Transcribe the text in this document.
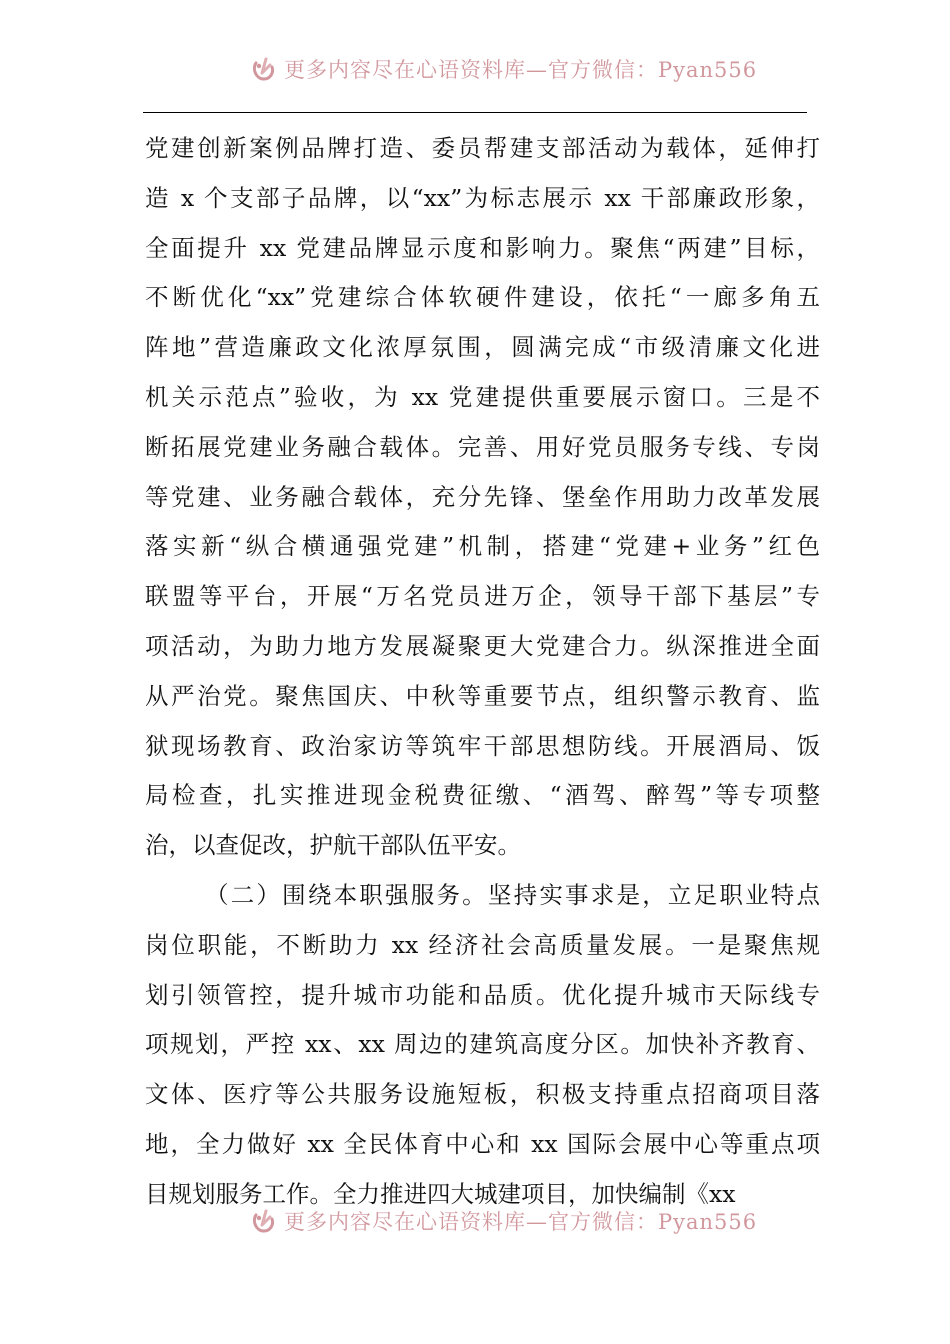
更多内容尽在心语资料库—官方微信：Pyan556
党建创新案例品牌打造、委员帮建支部活动为载体，延伸打
造 x 个支部子品牌，以“xx”为标志展示 xx 干部廉政形象，
全面提升 xx 党建品牌显示度和影响力。聚焦“两建”目标，
不断优化“xx”党建综合体软硬件建设，依托“一廊多角五
阵地”营造廉政文化浓厚氛围，圆满完成“市级清廉文化进
机关示范点”验收，为 xx 党建提供重要展示窗口。三是不
断拓展党建业务融合载体。完善、用好党员服务专线、专岗
等党建、业务融合载体，充分先锋、堡垒作用助力改革发展
落实新“纵合横通强党建”机制，搭建“党建+业务”红色
联盟等平台，开展“万名党员进万企，领导干部下基层”专
项活动，为助力地方发展凝聚更大党建合力。纵深推进全面
从严治党。聚焦国庆、中秋等重要节点，组织警示教育、监
狱现场教育、政治家访等筑牢干部思想防线。开展酒局、饭
局检查，扎实推进现金税费征缴、“酒驾、醉驾”等专项整
治，以查促改，护航干部队伍平安。
（二）围绕本职强服务。坚持实事求是，立足职业特点
岗位职能，不断助力 xx 经济社会高质量发展。一是聚焦规
划引领管控，提升城市功能和品质。优化提升城市天际线专
项规划，严控 xx、xx 周边的建筑高度分区。加快补齐教育、
文体、医疗等公共服务设施短板，积极支持重点招商项目落
地，全力做好 xx 全民体育中心和 xx 国际会展中心等重点项
目规划服务工作。全力推进四大城建项目，加快编制《xx
更多内容尽在心语资料库—官方微信：Pyan556
